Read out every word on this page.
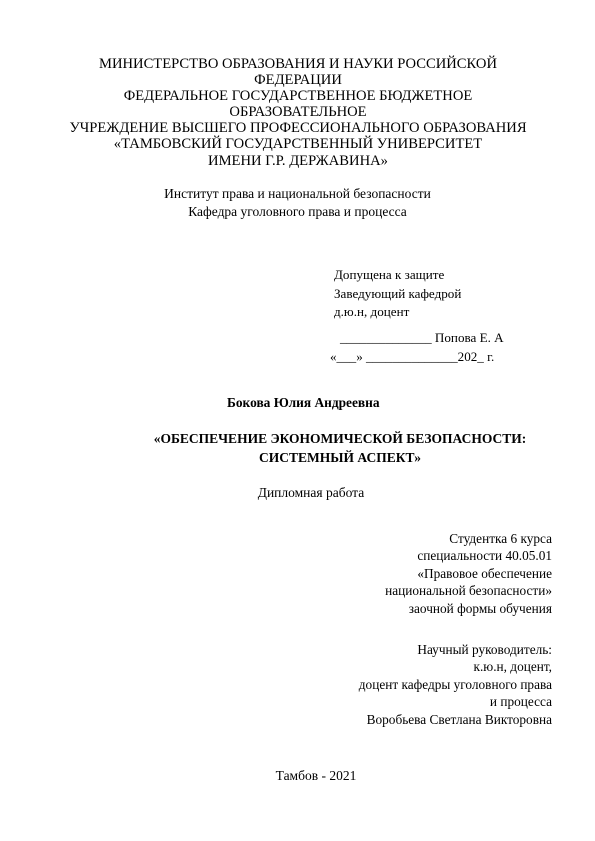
МИНИСТЕРСТВО ОБРАЗОВАНИЯ И НАУКИ РОССИЙСКОЙ
ФЕДЕРАЦИИ
ФЕДЕРАЛЬНОЕ ГОСУДАРСТВЕННОЕ БЮДЖЕТНОЕ
ОБРАЗОВАТЕЛЬНОЕ
УЧРЕЖДЕНИЕ ВЫСШЕГО ПРОФЕССИОНАЛЬНОГО ОБРАЗОВАНИЯ
«ТАМБОВСКИЙ ГОСУДАРСТВЕННЫЙ УНИВЕРСИТЕТ
ИМЕНИ Г.Р. ДЕРЖАВИНА»
Институт права и национальной безопасности
Кафедра уголовного права и процесса
Допущена к защите
Заведующий кафедрой
д.ю.н, доцент
______________ Попова Е. А
«___» ______________202_ г.
Бокова Юлия Андреевна
«ОБЕСПЕЧЕНИЕ ЭКОНОМИЧЕСКОЙ БЕЗОПАСНОСТИ:
СИСТЕМНЫЙ АСПЕКТ»
Дипломная работа
Студентка 6 курса
специальности 40.05.01
«Правовое обеспечение
национальной безопасности»
заочной формы обучения
Научный руководитель:
к.ю.н, доцент,
доцент кафедры уголовного права
и процесса
Воробьева Светлана Викторовна
Тамбов - 2021
